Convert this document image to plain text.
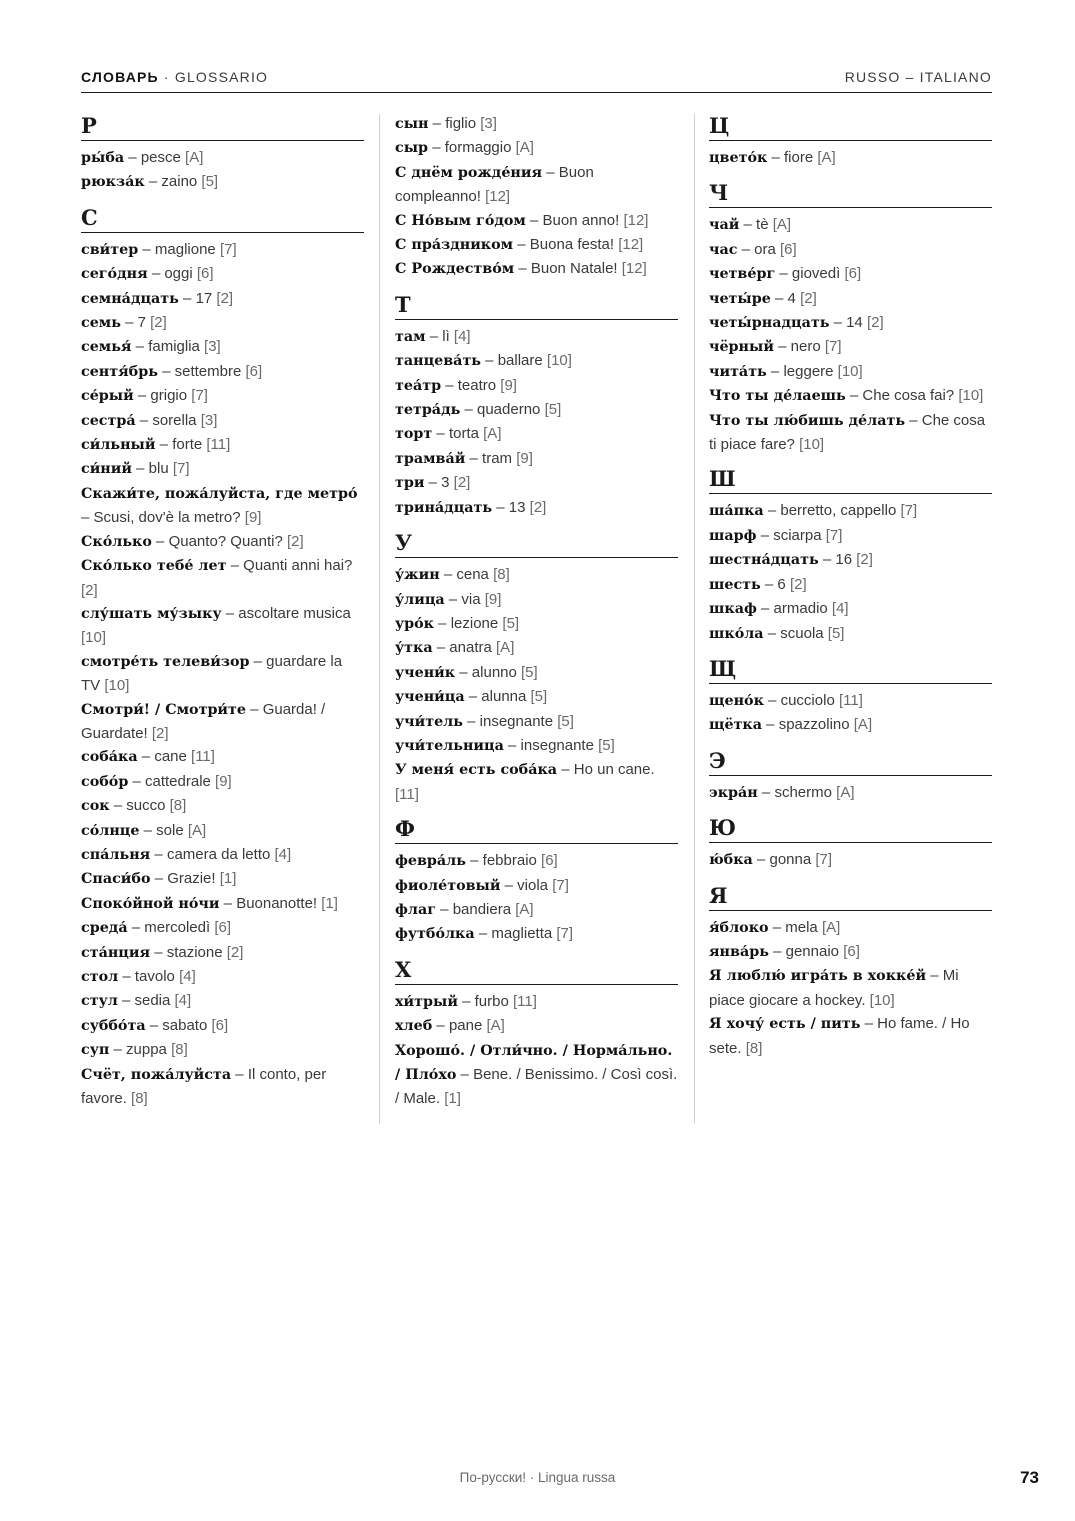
СЛОВАРЬ · GLOSSARIO	RUSSO – ITALIANO
Р
ры́ба – pesce [A]
рюкза́к – zaino [5]
С
сви́тер – maglione [7]
сего́дня – oggi [6]
семна́дцать – 17 [2]
семь – 7 [2]
семья́ – famiglia [3]
сентя́брь – settembre [6]
се́рый – grigio [7]
сестра́ – sorella [3]
си́льный – forte [11]
си́ний – blu [7]
Скажи́те, пожа́луйста, где метро́ – Scusi, dov'è la metro? [9]
Ско́лько – Quanto? Quanti? [2]
Ско́лько тебе́ лет – Quanti anni hai? [2]
слу́шать му́зыку – ascoltare musica [10]
смотре́ть телеви́зор – guardare la TV [10]
Смотри́! / Смотри́те – Guarda! / Guardate! [2]
соба́ка – cane [11]
собо́р – cattedrale [9]
сок – succo [8]
со́лнце – sole [A]
спа́льня – camera da letto [4]
Спаси́бо – Grazie! [1]
Споко́йной но́чи – Buonanotte! [1]
среда́ – mercoledì [6]
ста́нция – stazione [2]
стол – tavolo [4]
стул – sedia [4]
суббо́та – sabato [6]
суп – zuppa [8]
Счёт, пожа́луйста – Il conto, per favore. [8]
сын – figlio [3]
сыр – formaggio [A]
С днём рожде́ния – Buon compleanno! [12]
С Но́вым го́дом – Buon anno! [12]
С пра́здником – Buona festa! [12]
С Рождество́м – Buon Natale! [12]
Т
там – lì [4]
танцева́ть – ballare [10]
теа́тр – teatro [9]
тетра́дь – quaderno [5]
торт – torta [A]
трамва́й – tram [9]
три – 3 [2]
трина́дцать – 13 [2]
У
у́жин – cena [8]
у́лица – via [9]
уро́к – lezione [5]
у́тка – anatra [A]
учени́к – alunno [5]
учени́ца – alunna [5]
учи́тель – insegnante [5]
учи́тельница – insegnante [5]
У меня́ есть соба́ка – Ho un cane. [11]
Ф
февра́ль – febbraio [6]
фиоле́товый – viola [7]
флаг – bandiera [A]
футбо́лка – maglietta [7]
Х
хи́трый – furbo [11]
хлеб – pane [A]
Хорошо́. / Отли́чно. / Норма́льно. / Пло́хо – Bene. / Benissimo. / Così così. / Male. [1]
Ц
цвето́к – fiore [A]
Ч
чай – tè [A]
час – ora [6]
четве́рг – giovedì [6]
четы́ре – 4 [2]
четы́рнадцать – 14 [2]
чёрный – nero [7]
чита́ть – leggere [10]
Что ты де́лаешь – Che cosa fai? [10]
Что ты лю́бишь де́лать – Che cosa ti piace fare? [10]
Ш
ша́пка – berretto, cappello [7]
шарф – sciarpa [7]
шестна́дцать – 16 [2]
шесть – 6 [2]
шкаф – armadio [4]
шко́ла – scuola [5]
Щ
щено́к – cucciolo [11]
щётка – spazzolino [A]
Э
экра́н – schermo [A]
Ю
ю́бка – gonna [7]
Я
я́блоко – mela [A]
янва́рь – gennaio [6]
Я люблю́ игра́ть в хокке́й – Mi piace giocare a hockey. [10]
Я хочу́ есть / пить – Ho fame. / Ho sete. [8]
По-русски! · Lingua russa	73
